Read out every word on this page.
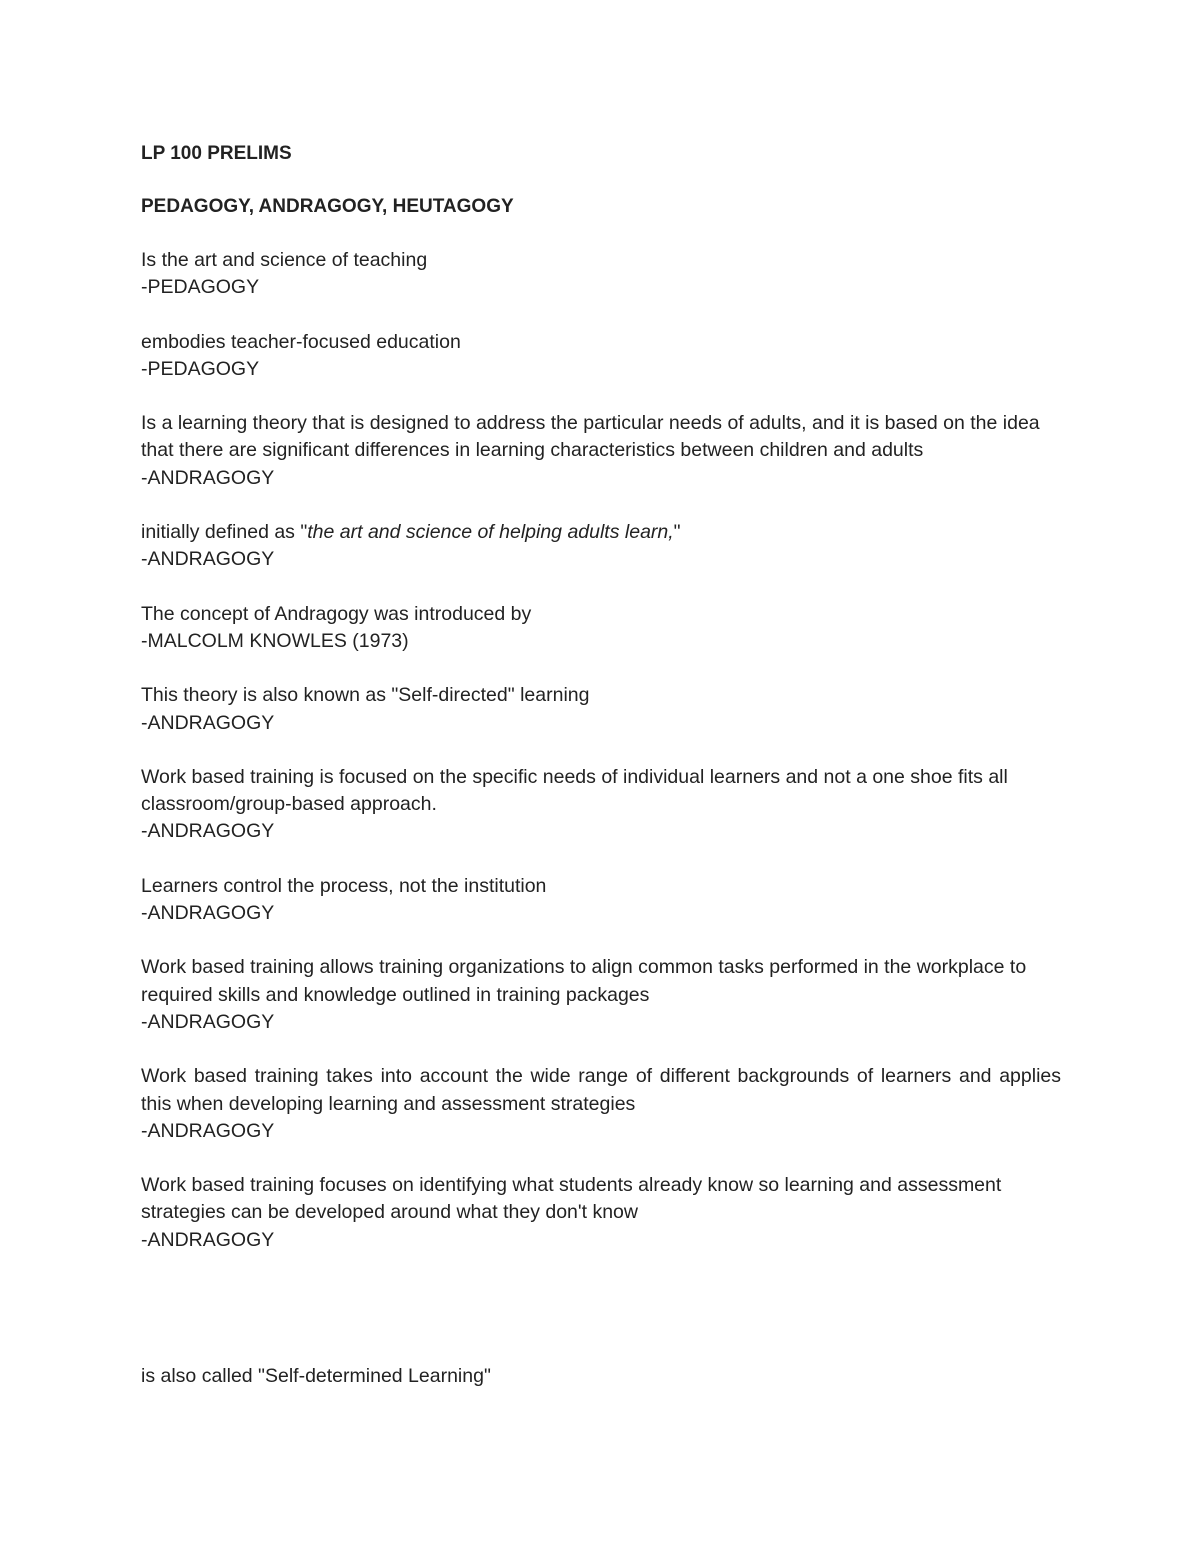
LP 100 PRELIMS
PEDAGOGY, ANDRAGOGY, HEUTAGOGY
Is the art and science of teaching
-PEDAGOGY
embodies teacher-focused education
-PEDAGOGY
Is a learning theory that is designed to address the particular needs of adults, and it is based on the idea that there are significant differences in learning characteristics between children and adults
-ANDRAGOGY
initially defined as "the art and science of helping adults learn,"
-ANDRAGOGY
The concept of Andragogy was introduced by
-MALCOLM KNOWLES (1973)
This theory is also known as "Self-directed" learning
-ANDRAGOGY
Work based training is focused on the specific needs of individual learners and not a one shoe fits all classroom/group-based approach.
-ANDRAGOGY
Learners control the process, not the institution
-ANDRAGOGY
Work based training allows training organizations to align common tasks performed in the workplace to required skills and knowledge outlined in training packages
-ANDRAGOGY
Work based training takes into account the wide range of different backgrounds of learners and applies this when developing learning and assessment strategies
-ANDRAGOGY
Work based training focuses on identifying what students already know so learning and assessment strategies can be developed around what they don't know
-ANDRAGOGY
is also called "Self-determined Learning"
